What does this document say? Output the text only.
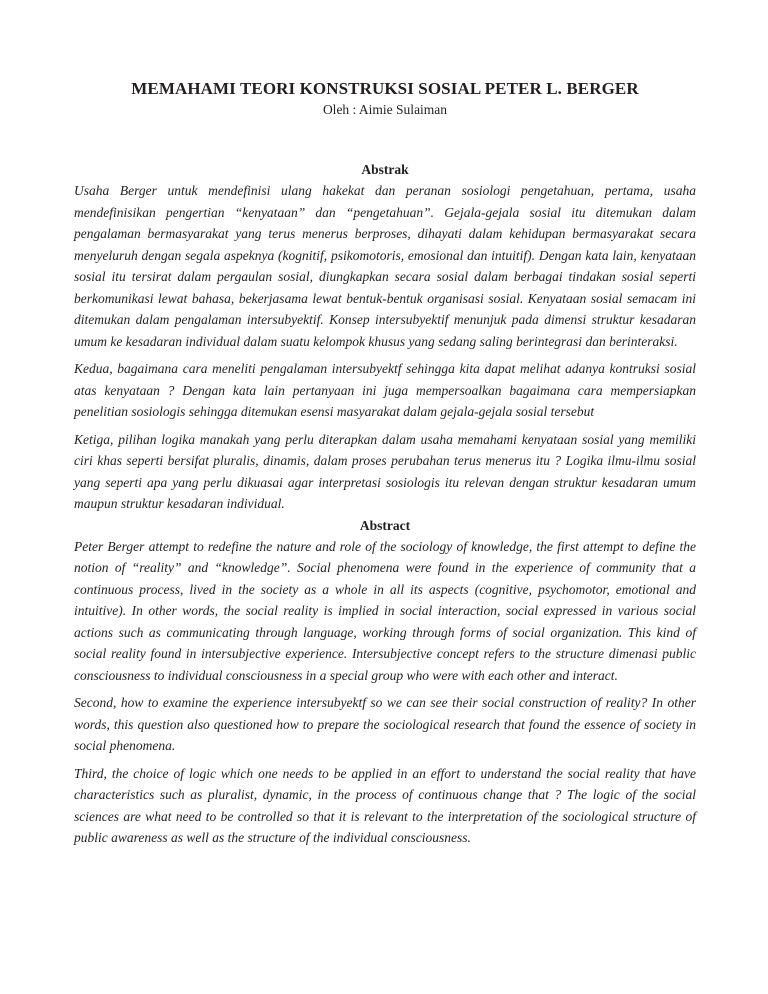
MEMAHAMI TEORI KONSTRUKSI SOSIAL PETER L. BERGER

Oleh : Aimie Sulaiman

Abstrak

Usaha Berger untuk mendefinisi ulang hakekat dan peranan sosiologi pengetahuan, pertama, usaha mendefinisikan pengertian “kenyataan” dan “pengetahuan”. Gejala-gejala sosial itu ditemukan dalam pengalaman bermasyarakat yang terus menerus berproses, dihayati dalam kehidupan bermasyarakat secara menyeluruh dengan segala aspeknya (kognitif, psikomotoris, emosional dan intuitif). Dengan kata lain, kenyataan sosial itu tersirat dalam pergaulan sosial, diungkapkan secara sosial dalam berbagai tindakan sosial seperti berkomunikasi lewat bahasa, bekerjasama lewat bentuk-bentuk organisasi sosial. Kenyataan sosial semacam ini ditemukan dalam pengalaman intersubyektif. Konsep intersubyektif menunjuk pada dimensi struktur kesadaran umum ke kesadaran individual dalam suatu kelompok khusus yang sedang saling berintegrasi dan berinteraksi.

Kedua, bagaimana cara meneliti pengalaman intersubyektf sehingga kita dapat melihat adanya kontruksi sosial atas kenyataan ? Dengan kata lain pertanyaan ini juga mempersoalkan bagaimana cara mempersiapkan penelitian sosiologis sehingga ditemukan esensi masyarakat dalam gejala-gejala sosial tersebut

Ketiga, pilihan logika manakah yang perlu diterapkan dalam usaha memahami kenyataan sosial yang memiliki ciri khas seperti bersifat pluralis, dinamis, dalam proses perubahan terus menerus itu ? Logika ilmu-ilmu sosial yang seperti apa yang perlu dikuasai agar interpretasi sosiologis itu relevan dengan struktur kesadaran umum maupun struktur kesadaran individual.

Abstract

Peter Berger attempt to redefine the nature and role of the sociology of knowledge, the first attempt to define the notion of “reality” and “knowledge”. Social phenomena were found in the experience of community that a continuous process, lived in the society as a whole in all its aspects (cognitive, psychomotor, emotional and intuitive). In other words, the social reality is implied in social interaction, social expressed in various social actions such as communicating through language, working through forms of social organization. This kind of social reality found in intersubjective experience. Intersubjective concept refers to the structure dimenasi public consciousness to individual consciousness in a special group who were with each other and interact.

Second, how to examine the experience intersubyektf so we can see their social construction of reality? In other words, this question also questioned how to prepare the sociological research that found the essence of society in social phenomena.

Third, the choice of logic which one needs to be applied in an effort to understand the social reality that have characteristics such as pluralist, dynamic, in the process of continuous change that ? The logic of the social sciences are what need to be controlled so that it is relevant to the interpretation of the sociological structure of public awareness as well as the structure of the individual consciousness.
